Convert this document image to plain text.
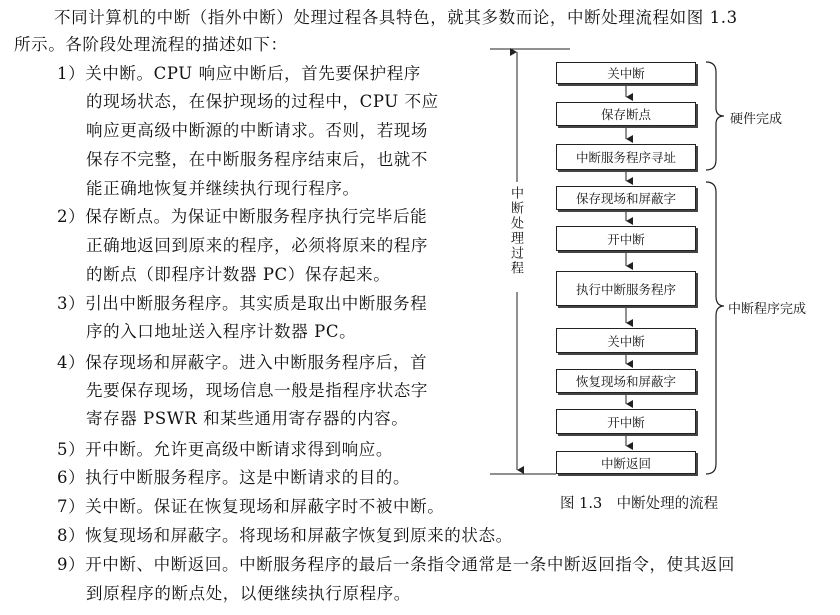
不同计算机的中断（指外中断）处理过程各具特色，就其多数而论，中断处理流程如图 1.3
所示。各阶段处理流程的描述如下：
1）关中断。CPU 响应中断后，首先要保护程序
的现场状态，在保护现场的过程中，CPU 不应
响应更高级中断源的中断请求。否则，若现场
保存不完整，在中断服务程序结束后，也就不
能正确地恢复并继续执行现行程序。
2）保存断点。为保证中断服务程序执行完毕后能
正确地返回到原来的程序，必须将原来的程序
的断点（即程序计数器 PC）保存起来。
3）引出中断服务程序。其实质是取出中断服务程
序的入口地址送入程序计数器 PC。
4）保存现场和屏蔽字。进入中断服务程序后，首
先要保存现场，现场信息一般是指程序状态字
寄存器 PSWR 和某些通用寄存器的内容。
5）开中断。允许更高级中断请求得到响应。
6）执行中断服务程序。这是中断请求的目的。
7）关中断。保证在恢复现场和屏蔽字时不被中断。
8）恢复现场和屏蔽字。将现场和屏蔽字恢复到原来的状态。
9）开中断、中断返回。中断服务程序的最后一条指令通常是一条中断返回指令，使其返回
到原程序的断点处，以便继续执行原程序。
中断处理过程
关中断
保存断点
中断服务程序寻址
保存现场和屏蔽字
开中断
执行中断服务程序
关中断
恢复现场和屏蔽字
开中断
中断返回
硬件完成
中断程序完成
图 1.3　中断处理的流程
